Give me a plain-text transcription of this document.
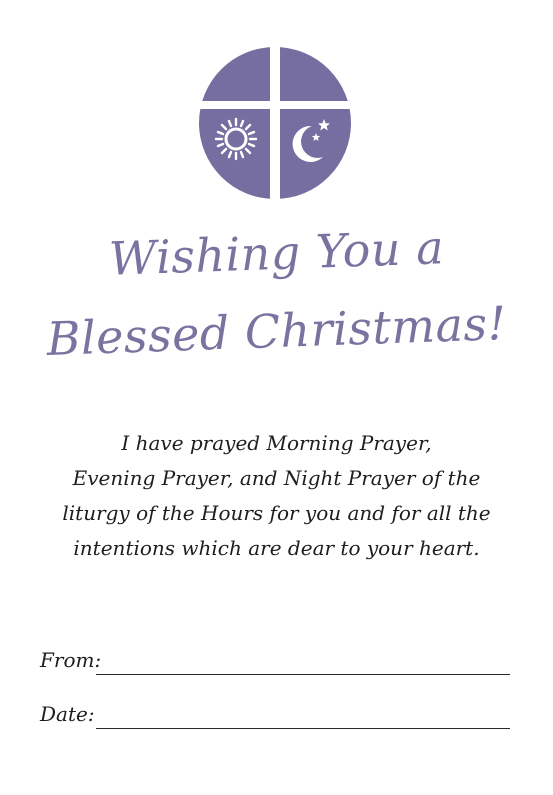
Wishing You a
Blessed Christmas!
I have prayed Morning Prayer,
Evening Prayer, and Night Prayer of the
liturgy of the Hours for you and for all the
intentions which are dear to your heart.
From:
Date:
